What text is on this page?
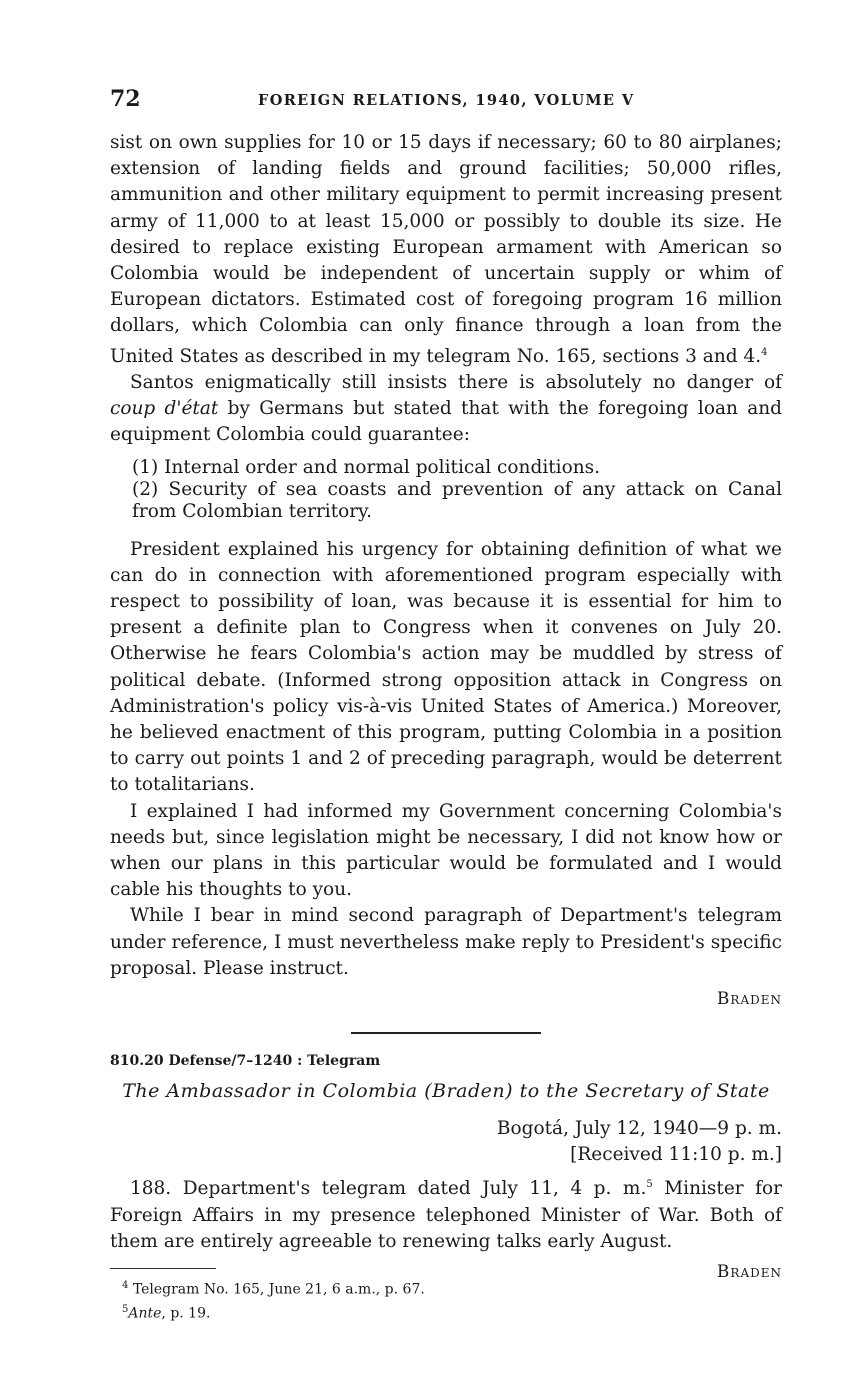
72	FOREIGN RELATIONS, 1940, VOLUME V

sist on own supplies for 10 or 15 days if necessary; 60 to 80 airplanes; extension of landing fields and ground facilities; 50,000 rifles, ammunition and other military equipment to permit increasing present army of 11,000 to at least 15,000 or possibly to double its size. He desired to replace existing European armament with American so Colombia would be independent of uncertain supply or whim of European dictators. Estimated cost of foregoing program 16 million dollars, which Colombia can only finance through a loan from the United States as described in my telegram No. 165, sections 3 and 4.$^4$

Santos enigmatically still insists there is absolutely no danger of coup d'état by Germans but stated that with the foregoing loan and equipment Colombia could guarantee:

(1) Internal order and normal political conditions.

(2) Security of sea coasts and prevention of any attack on Canal from Colombian territory.

President explained his urgency for obtaining definition of what we can do in connection with aforementioned program especially with respect to possibility of loan, was because it is essential for him to present a definite plan to Congress when it convenes on July 20. Otherwise he fears Colombia's action may be muddled by stress of political debate. (Informed strong opposition attack in Congress on Administration's policy vis-à-vis United States of America.) Moreover, he believed enactment of this program, putting Colombia in a position to carry out points 1 and 2 of preceding paragraph, would be deterrent to totalitarians.

I explained I had informed my Government concerning Colombia's needs but, since legislation might be necessary, I did not know how or when our plans in this particular would be formulated and I would cable his thoughts to you.

While I bear in mind second paragraph of Department's telegram under reference, I must nevertheless make reply to President's specific proposal. Please instruct.

Braden

810.20 Defense/7–1240 : Telegram

The Ambassador in Colombia (Braden) to the Secretary of State

Bogotá, July 12, 1940—9 p. m.

[Received 11:10 p. m.]

188. Department's telegram dated July 11, 4 p. m.$^5$ Minister for Foreign Affairs in my presence telephoned Minister of War. Both of them are entirely agreeable to renewing talks early August.

Braden

$^4$ Telegram No. 165, June 21, 6 a.m., p. 67.
$^5$Ante, p. 19.
